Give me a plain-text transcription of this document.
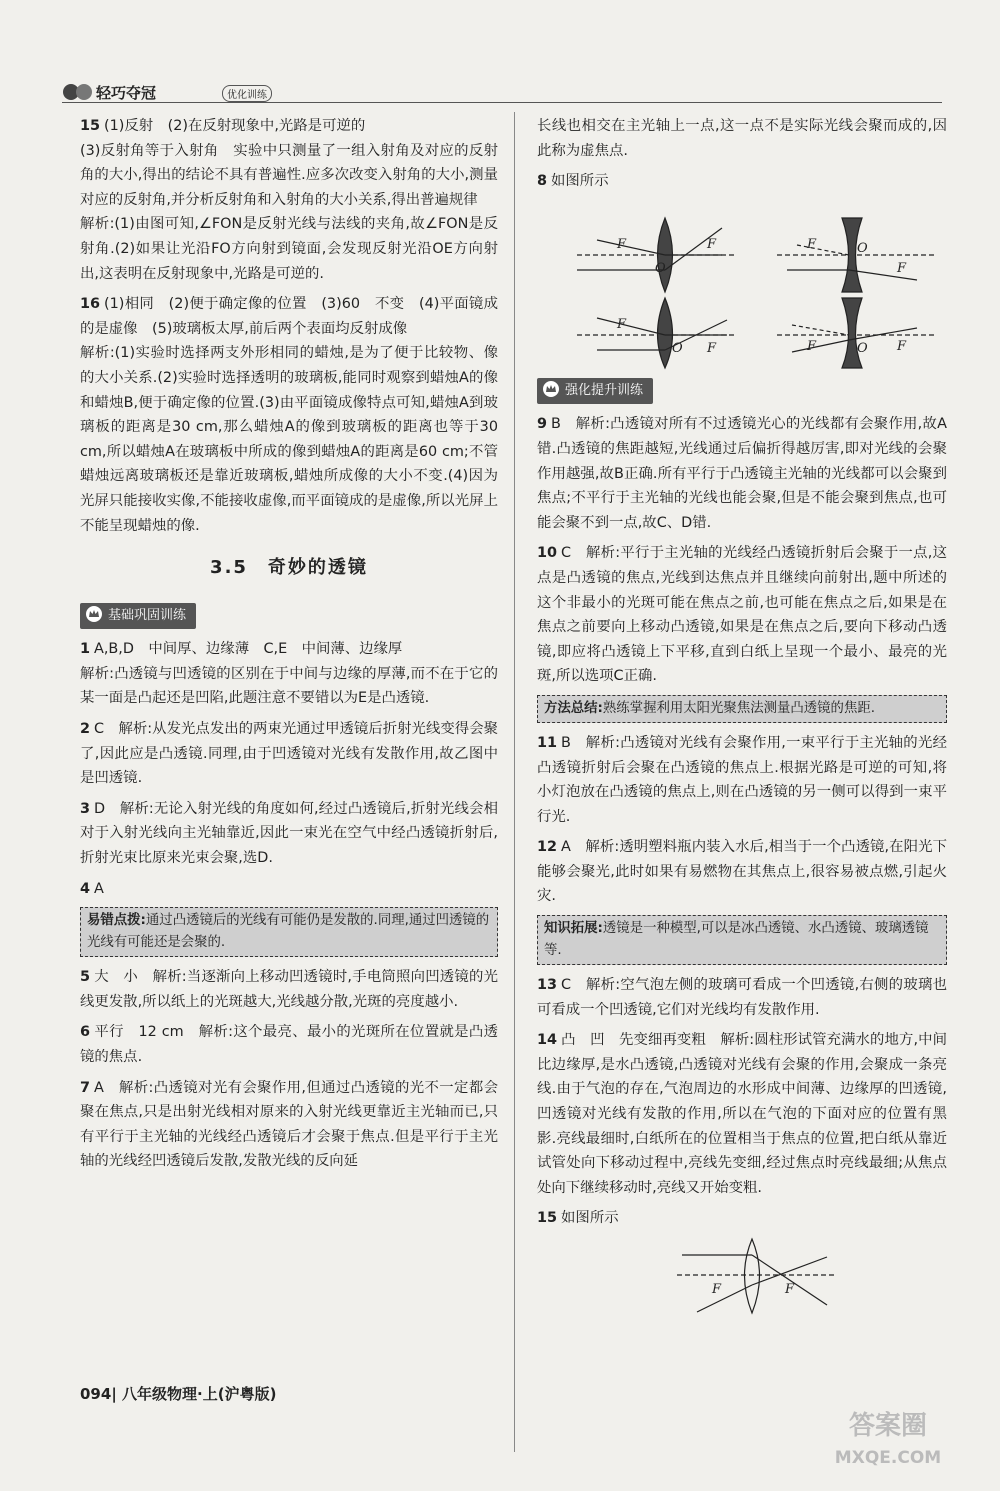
轻巧夺冠	优化训练
15 (1)反射　(2)在反射现象中,光路是可逆的
(3)反射角等于入射角　实验中只测量了一组入射角及对应的反射角的大小,得出的结论不具有普遍性.应多次改变入射角的大小,测量对应的反射角,并分析反射角和入射角的大小关系,得出普遍规律
解析:(1)由图可知,∠FON是反射光线与法线的夹角,故∠FON是反射角.(2)如果让光沿FO方向射到镜面,会发现反射光沿OE方向射出,这表明在反射现象中,光路是可逆的.
16 (1)相同　(2)便于确定像的位置　(3)60　不变　(4)平面镜成的是虚像　(5)玻璃板太厚,前后两个表面均反射成像
解析:(1)实验时选择两支外形相同的蜡烛,是为了便于比较物、像的大小关系.(2)实验时选择透明的玻璃板,能同时观察到蜡烛A的像和蜡烛B,便于确定像的位置.(3)由平面镜成像特点可知,蜡烛A到玻璃板的距离是30 cm,那么蜡烛A的像到玻璃板的距离也等于30 cm,所以蜡烛A在玻璃板中所成的像到蜡烛A的距离是60 cm;不管蜡烛远离玻璃板还是靠近玻璃板,蜡烛所成像的大小不变.(4)因为光屏只能接收实像,不能接收虚像,而平面镜成的是虚像,所以光屏上不能呈现蜡烛的像.
3.5　奇妙的透镜
基础巩固训练
1 A,B,D　中间厚、边缘薄　C,E　中间薄、边缘厚
解析:凸透镜与凹透镜的区别在于中间与边缘的厚薄,而不在于它的某一面是凸起还是凹陷,此题注意不要错以为E是凸透镜.
2 C　解析:从发光点发出的两束光通过甲透镜后折射光线变得会聚了,因此应是凸透镜.同理,由于凹透镜对光线有发散作用,故乙图中是凹透镜.
3 D　解析:无论入射光线的角度如何,经过凸透镜后,折射光线会相对于入射光线向主光轴靠近,因此一束光在空气中经凸透镜折射后,折射光束比原来光束会聚,选D.
4 A
易错点拨:通过凸透镜后的光线有可能仍是发散的.同理,通过凹透镜的光线有可能还是会聚的.
5 大　小　解析:当逐渐向上移动凹透镜时,手电筒照向凹透镜的光线更发散,所以纸上的光斑越大,光线越分散,光斑的亮度越小.
6 平行　12 cm　解析:这个最亮、最小的光斑所在位置就是凸透镜的焦点.
7 A　解析:凸透镜对光有会聚作用,但通过凸透镜的光不一定都会聚在焦点,只是出射光线相对原来的入射光线更靠近主光轴而已,只有平行于主光轴的光线经凸透镜后才会聚于焦点.但是平行于主光轴的光线经凹透镜后发散,发散光线的反向延
长线也相交在主光轴上一点,这一点不是实际光线会聚而成的,因此称为虚焦点.
8 如图所示
F	F
O
F
F
O
F
F
O	F	F
O
强化提升训练
9 B　解析:凸透镜对所有不过透镜光心的光线都有会聚作用,故A错.凸透镜的焦距越短,光线通过后偏折得越厉害,即对光线的会聚作用越强,故B正确.所有平行于凸透镜主光轴的光线都可以会聚到焦点;不平行于主光轴的光线也能会聚,但是不能会聚到焦点,也可能会聚不到一点,故C、D错.
10 C　解析:平行于主光轴的光线经凸透镜折射后会聚于一点,这点是凸透镜的焦点,光线到达焦点并且继续向前射出,题中所述的这个非最小的光斑可能在焦点之前,也可能在焦点之后,如果是在焦点之前要向上移动凸透镜,如果是在焦点之后,要向下移动凸透镜,即应将凸透镜上下平移,直到白纸上呈现一个最小、最亮的光斑,所以选项C正确.
方法总结:熟练掌握利用太阳光聚焦法测量凸透镜的焦距.
11 B　解析:凸透镜对光线有会聚作用,一束平行于主光轴的光经凸透镜折射后会聚在凸透镜的焦点上.根据光路是可逆的可知,将小灯泡放在凸透镜的焦点上,则在凸透镜的另一侧可以得到一束平行光.
12 A　解析:透明塑料瓶内装入水后,相当于一个凸透镜,在阳光下能够会聚光,此时如果有易燃物在其焦点上,很容易被点燃,引起火灾.
知识拓展:透镜是一种模型,可以是冰凸透镜、水凸透镜、玻璃透镜等.
13 C　解析:空气泡左侧的玻璃可看成一个凹透镜,右侧的玻璃也可看成一个凹透镜,它们对光线均有发散作用.
14 凸　凹　先变细再变粗　解析:圆柱形试管充满水的地方,中间比边缘厚,是水凸透镜,凸透镜对光线有会聚的作用,会聚成一条亮线.由于气泡的存在,气泡周边的水形成中间薄、边缘厚的凹透镜,凹透镜对光线有发散的作用,所以在气泡的下面对应的位置有黑影.亮线最细时,白纸所在的位置相当于焦点的位置,把白纸从靠近试管处向下移动过程中,亮线先变细,经过焦点时亮线最细;从焦点处向下继续移动时,亮线又开始变粗.
15 如图所示
F	F
094| 八年级物理·上(沪粤版)
答案圈
MXQE.COM
